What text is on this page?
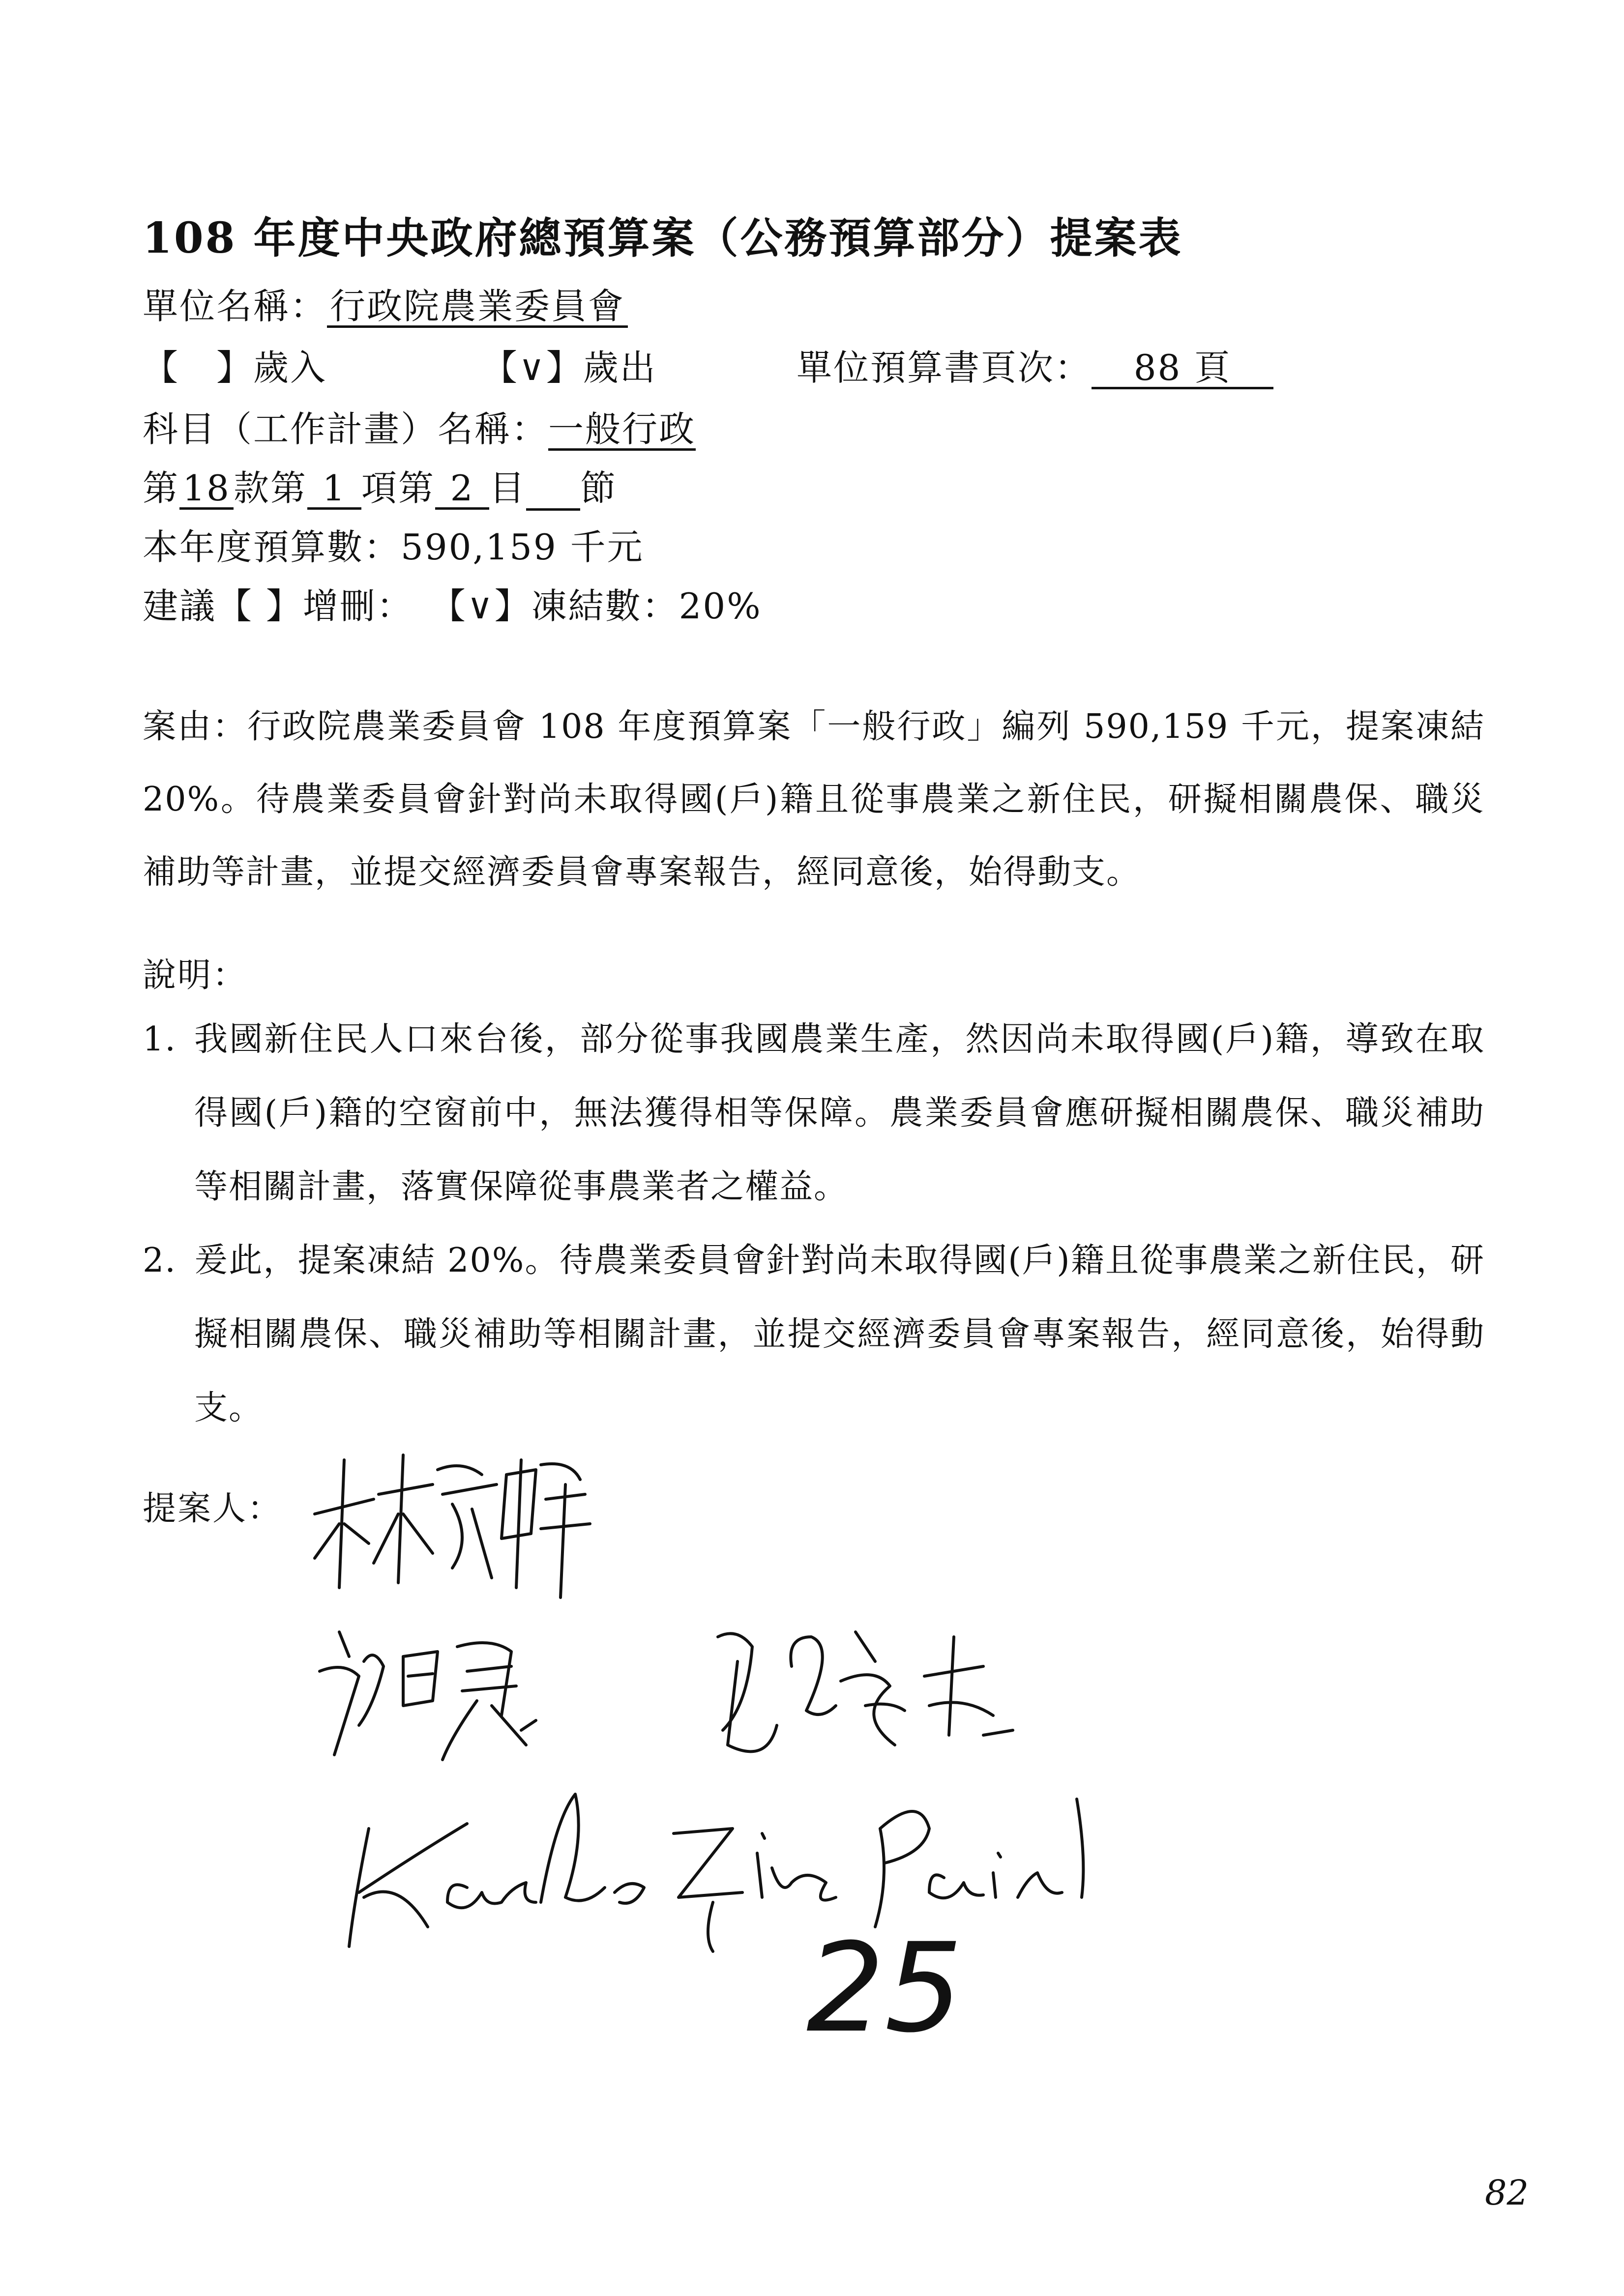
108 年度中央政府總預算案（公務預算部分）提案表
單位名稱：行政院農業委員會
【　】歲入	【∨】歲出	單位預算書頁次： 88 頁
科目（工作計畫）名稱：一般行政
第18款第 1 項第 2 目 節
本年度預算數：590,159 千元
建議【 】增刪： 【∨】凍結數：20%
案由：行政院農業委員會 108 年度預算案「一般行政」編列 590,159 千元，提案凍結 20%。待農業委員會針對尚未取得國(戶)籍且從事農業之新住民，研擬相關農保、職災補助等計畫，並提交經濟委員會專案報告，經同意後，始得動支。
說明：
1. 我國新住民人口來台後，部分從事我國農業生產，然因尚未取得國(戶)籍，導致在取得國(戶)籍的空窗前中，無法獲得相等保障。農業委員會應研擬相關農保、職災補助等相關計畫，落實保障從事農業者之權益。
2. 爰此，提案凍結 20%。待農業委員會針對尚未取得國(戶)籍且從事農業之新住民，研擬相關農保、職災補助等相關計畫，並提交經濟委員會專案報告，經同意後，始得動支。
提案人：
25
82
